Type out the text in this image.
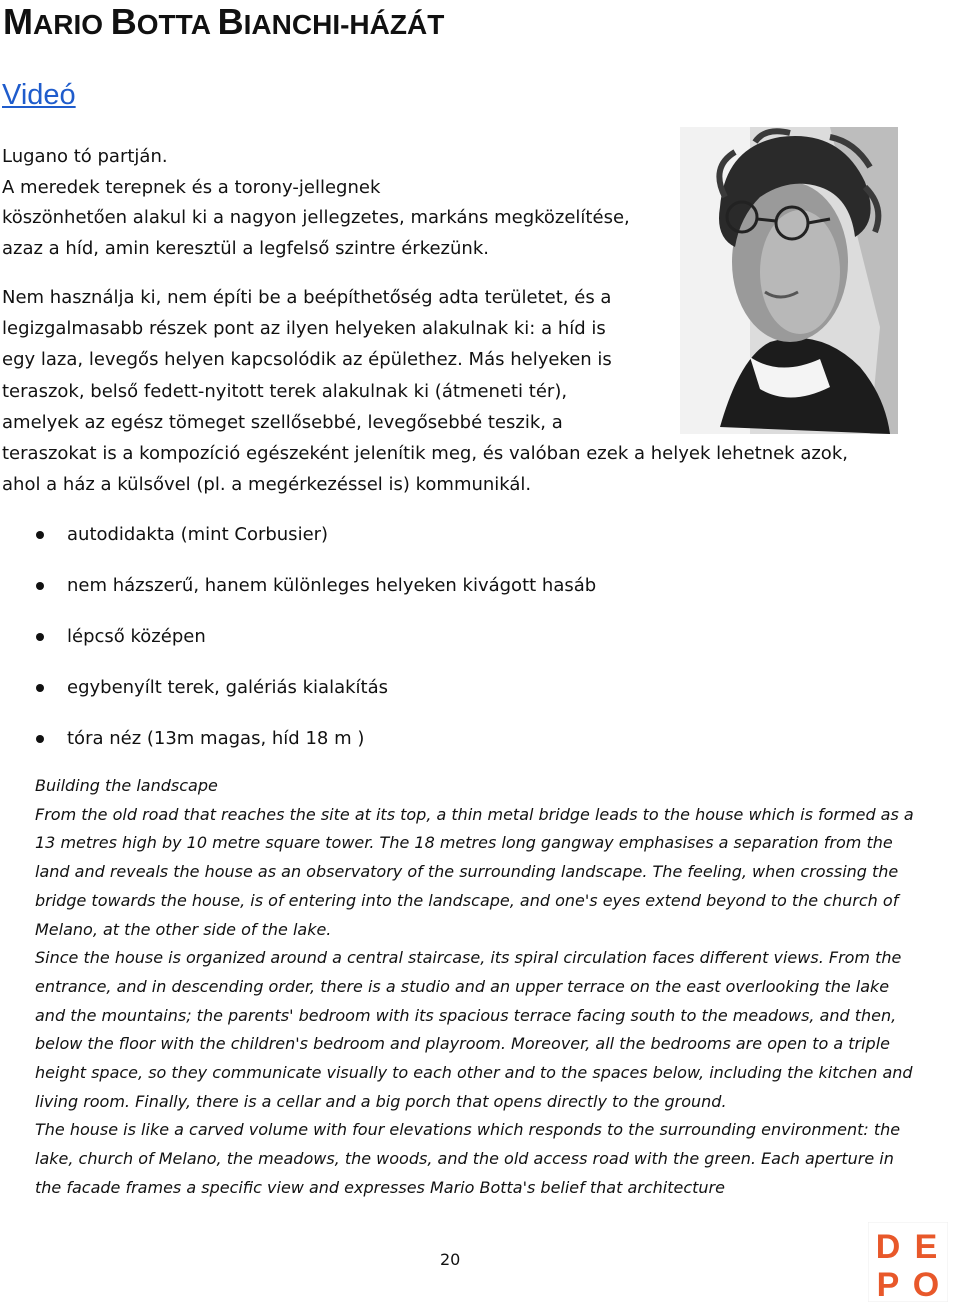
MARIO BOTTA BIANCHI-HÁZÁT
Videó
Lugano tó partján.
A meredek terepnek és a torony-jellegnek
köszönhetően alakul ki a nagyon jellegzetes, markáns megközelítése,
azaz a híd, amin keresztül a legfelső szintre érkezünk.
Nem használja ki, nem építi be a beépíthetőség adta területet, és a legizgalmasabb részek pont az ilyen helyeken alakulnak ki: a híd is egy laza, levegős helyen kapcsolódik az épülethez. Más helyeken is teraszok, belső fedett-nyitott terek alakulnak ki (átmeneti tér), amelyek az egész tömeget szellősebbé, levegősebbé teszik, a teraszokat is a kompozíció egészeként jelenítik meg, és valóban ezek a helyek lehetnek azok, ahol a ház a külsővel (pl. a megérkezéssel is) kommunikál.
autodidakta (mint Corbusier)
nem házszerű, hanem különleges helyeken kivágott hasáb
lépcső középen
egybenyílt terek, galériás kialakítás
tóra néz (13m magas, híd 18 m )

Building the landscape

From the old road that reaches the site at its top, a thin metal bridge leads to the house which is formed as a 13 metres high by 10 metre square tower. The 18 metres long gangway emphasises a separation from the land and reveals the house as an observatory of the surrounding landscape. The feeling, when crossing the bridge towards the house, is of entering into the landscape, and one's eyes extend beyond to the church of Melano, at the other side of the lake.

Since the house is organized around a central staircase, its spiral circulation faces different views. From the entrance, and in descending order, there is a studio and an upper terrace on the east overlooking the lake and the mountains; the parents' bedroom with its spacious terrace facing south to the meadows, and then, below the floor with the children's bedroom and playroom. Moreover, all the bedrooms are open to a triple height space, so they communicate visually to each other and to the spaces below, including the kitchen and living room. Finally, there is a cellar and a big porch that opens directly to the ground.

The house is like a carved volume with four elevations which responds to the surrounding environment: the lake, church of Melano, the meadows, the woods, and the old access road with the green. Each aperture in the facade frames a specific view and expresses Mario Botta's belief that architecture

20	D E
P O
